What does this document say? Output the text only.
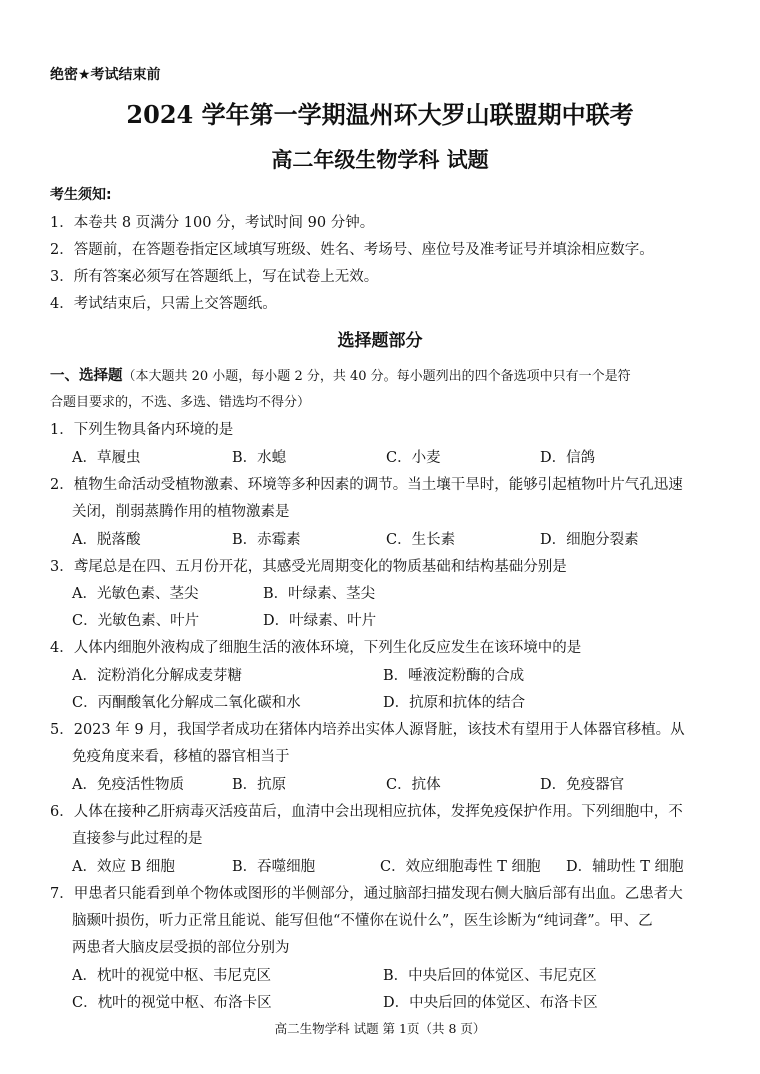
绝密★考试结束前
2024 学年第一学期温州环大罗山联盟期中联考
高二年级生物学科 试题
考生须知:
1．本卷共 8 页满分 100 分，考试时间 90 分钟。
2．答题前，在答题卷指定区域填写班级、姓名、考场号、座位号及准考证号并填涂相应数字。
3．所有答案必须写在答题纸上，写在试卷上无效。
4．考试结束后，只需上交答题纸。
选择题部分
一、选择题（本大题共 20 小题，每小题 2 分，共 40 分。每小题列出的四个备选项中只有一个是符
合题目要求的，不选、多选、错选均不得分）
1．下列生物具备内环境的是
A．草履虫	B．水螅	C．小麦	D．信鸽
2．植物生命活动受植物激素、环境等多种因素的调节。当土壤干旱时，能够引起植物叶片气孔迅速
关闭，削弱蒸腾作用的植物激素是
A．脱落酸	B．赤霉素	C．生长素	D．细胞分裂素
3．鸢尾总是在四、五月份开花，其感受光周期变化的物质基础和结构基础分别是
A．光敏色素、茎尖	B．叶绿素、茎尖
C．光敏色素、叶片	D．叶绿素、叶片
4．人体内细胞外液构成了细胞生活的液体环境，下列生化反应发生在该环境中的是
A．淀粉消化分解成麦芽糖	B．唾液淀粉酶的合成
C．丙酮酸氧化分解成二氧化碳和水	D．抗原和抗体的结合
5．2023 年 9 月，我国学者成功在猪体内培养出实体人源肾脏，该技术有望用于人体器官移植。从
免疫角度来看，移植的器官相当于
A．免疫活性物质	B．抗原	C．抗体	D．免疫器官
6．人体在接种乙肝病毒灭活疫苗后，血清中会出现相应抗体，发挥免疫保护作用。下列细胞中，不
直接参与此过程的是
A．效应 B 细胞	B．吞噬细胞	C．效应细胞毒性 T 细胞 D．辅助性 T 细胞
7．甲患者只能看到单个物体或图形的半侧部分，通过脑部扫描发现右侧大脑后部有出血。乙患者大
脑颞叶损伤，听力正常且能说、能写但他“不懂你在说什么”，医生诊断为“纯词聋”。甲、乙
两患者大脑皮层受损的部位分别为
A．枕叶的视觉中枢、韦尼克区	B．中央后回的体觉区、韦尼克区
C．枕叶的视觉中枢、布洛卡区	D．中央后回的体觉区、布洛卡区
高二生物学科 试题 第 1页（共 8 页）
